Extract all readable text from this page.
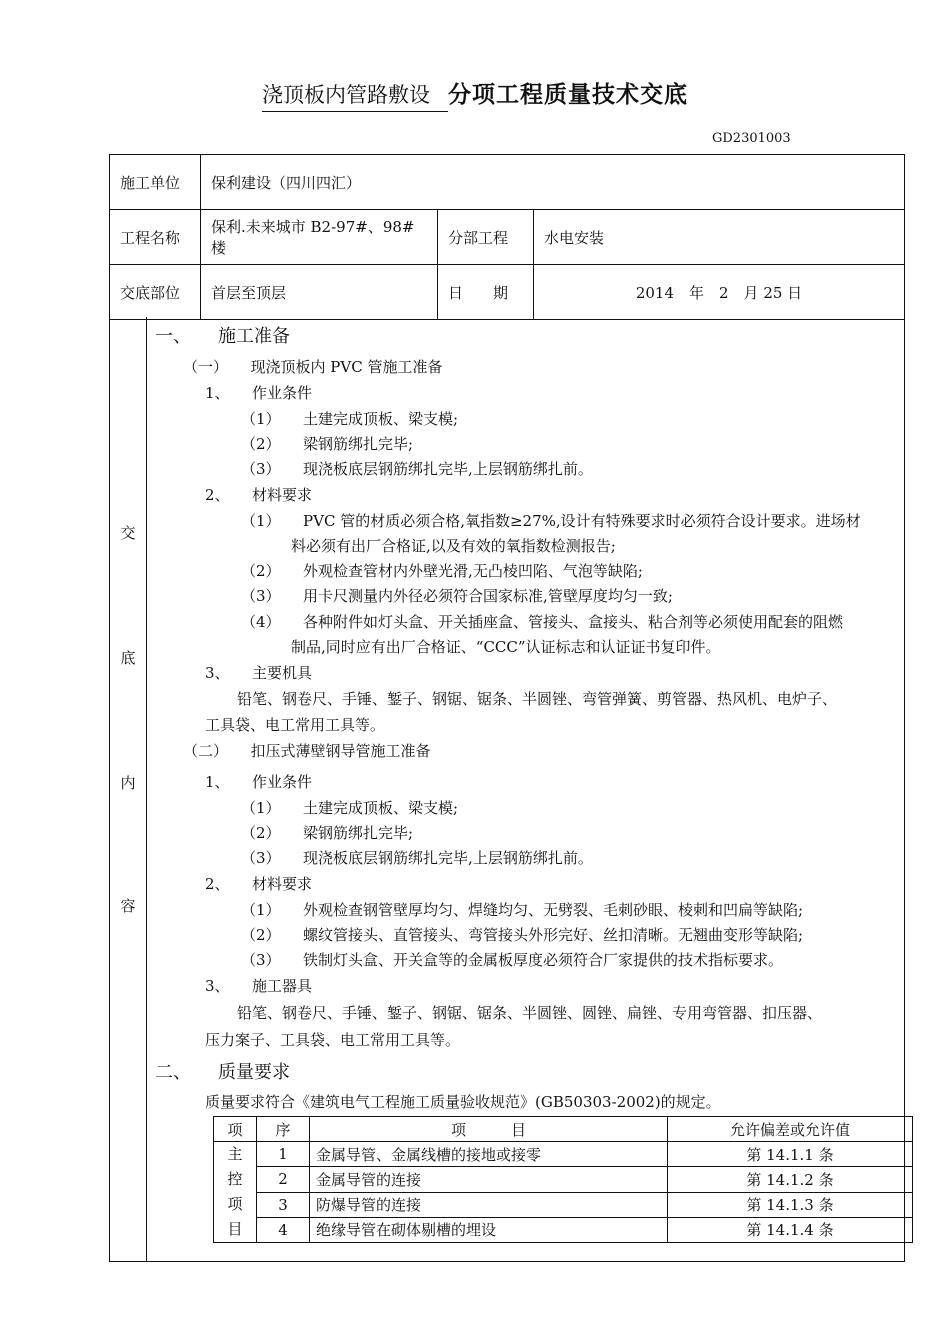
浇顶板内管路敷设 分项工程质量技术交底
GD2301003
施工单位	保利建设（四川四汇）		
工程名称	保利.未来城市 B2-97#、98#楼	分部工程	水电安装
交底部位	首层至顶层	日　　期	2014　年　2　月 25 日
交
底
内
容
一、　　施工准备
（一）　　现浇顶板内 PVC 管施工准备
1、　　作业条件
（1）　　土建完成顶板、梁支模;
（2）　　梁钢筋绑扎完毕;
（3）　　现浇板底层钢筋绑扎完毕,上层钢筋绑扎前。
2、　　材料要求
（1）　　PVC 管的材质必须合格,氧指数≥27%,设计有特殊要求时必须符合设计要求。进场材
料必须有出厂合格证,以及有效的氧指数检测报告;
（2）　　外观检查管材内外壁光滑,无凸棱凹陷、气泡等缺陷;
（3）　　用卡尺测量内外径必须符合国家标准,管壁厚度均匀一致;
（4）　　各种附件如灯头盒、开关插座盒、管接头、盒接头、粘合剂等必须使用配套的阻燃
制品,同时应有出厂合格证、“CCC”认证标志和认证证书复印件。
3、　　主要机具
铅笔、钢卷尺、手锤、錾子、钢锯、锯条、半圆锉、弯管弹簧、剪管器、热风机、电炉子、
工具袋、电工常用工具等。
（二）　　扣压式薄壁钢导管施工准备
1、　　作业条件
（1）　　土建完成顶板、梁支模;
（2）　　梁钢筋绑扎完毕;
（3）　　现浇板底层钢筋绑扎完毕,上层钢筋绑扎前。
2、　　材料要求
（1）　　外观检查钢管壁厚均匀、焊缝均匀、无劈裂、毛刺砂眼、棱刺和凹扁等缺陷;
（2）　　螺纹管接头、直管接头、弯管接头外形完好、丝扣清晰。无翘曲变形等缺陷;
（3）　　铁制灯头盒、开关盒等的金属板厚度必须符合厂家提供的技术指标要求。
3、　　施工器具
铅笔、钢卷尺、手锤、錾子、钢锯、锯条、半圆锉、圆锉、扁锉、专用弯管器、扣压器、
压力案子、工具袋、电工常用工具等。
二、　　质量要求
质量要求符合《建筑电气工程施工质量验收规范》(GB50303-2002)的规定。
项	序	项　　　目	允许偏差或允许值
主
控
项
目	1	金属导管、金属线槽的接地或接零	第 14.1.1 条
	2	金属导管的连接	第 14.1.2 条
	3	防爆导管的连接	第 14.1.3 条
	4	绝缘导管在砌体剔槽的埋设	第 14.1.4 条
